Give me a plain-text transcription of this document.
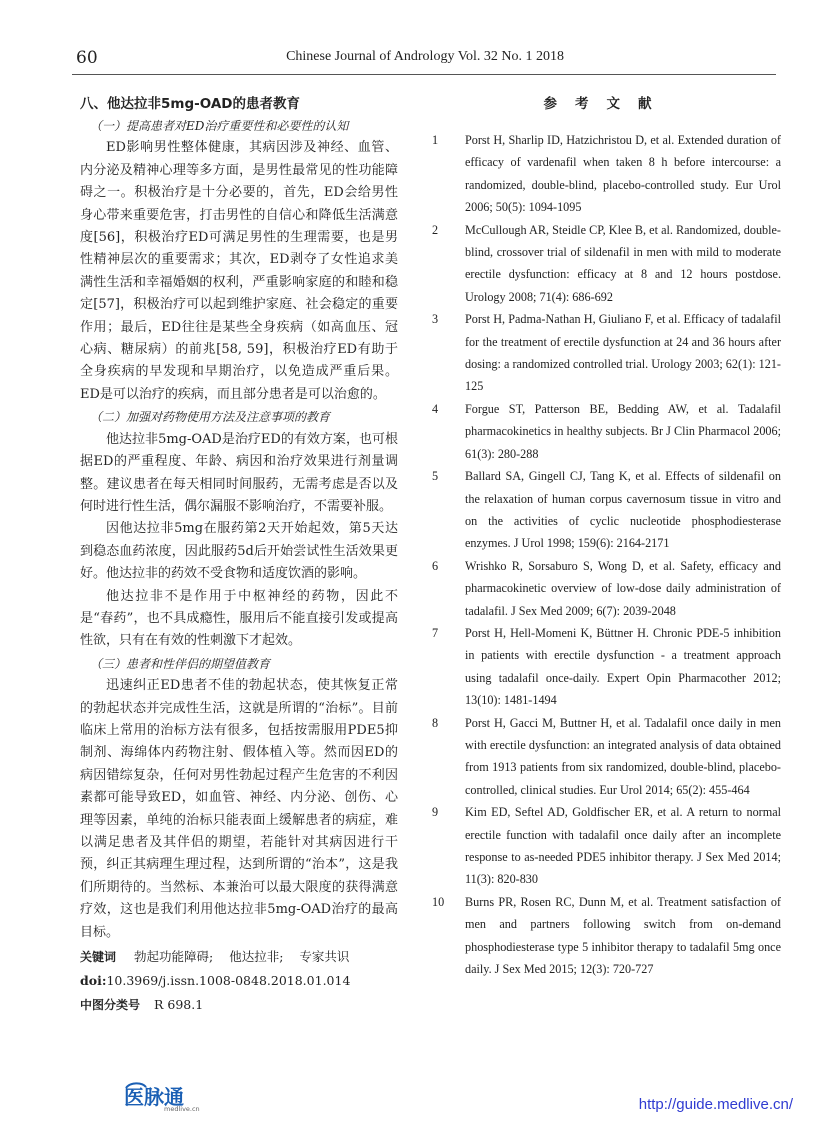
60	Chinese Journal of Andrology Vol. 32 No. 1 2018
八、他达拉非5mg-OAD的患者教育
（一）提高患者对ED治疗重要性和必要性的认知

ED影响男性整体健康，其病因涉及神经、血管、内分泌及精神心理等多方面，是男性最常见的性功能障碍之一。积极治疗是十分必要的，首先，ED会给男性身心带来重要危害，打击男性的自信心和降低生活满意度[56]，积极治疗ED可满足男性的生理需要，也是男性精神层次的重要需求；其次，ED剥夺了女性追求美满性生活和幸福婚姻的权利，严重影响家庭的和睦和稳定[57]，积极治疗可以起到维护家庭、社会稳定的重要作用；最后，ED往往是某些全身疾病（如高血压、冠心病、糖尿病）的前兆[58, 59]，积极治疗ED有助于全身疾病的早发现和早期治疗，以免造成严重后果。ED是可以治疗的疾病，而且部分患者是可以治愈的。

（二）加强对药物使用方法及注意事项的教育

他达拉非5mg-OAD是治疗ED的有效方案，也可根据ED的严重程度、年龄、病因和治疗效果进行剂量调整。建议患者在每天相同时间服药，无需考虑是否以及何时进行性生活，偶尔漏服不影响治疗，不需要补服。

因他达拉非5mg在服药第2天开始起效，第5天达到稳态血药浓度，因此服药5d后开始尝试性生活效果更好。他达拉非的药效不受食物和适度饮酒的影响。

他达拉非不是作用于中枢神经的药物，因此不是“春药”，也不具成瘾性，服用后不能直接引发或提高性欲，只有在有效的性刺激下才起效。

（三）患者和性伴侣的期望值教育

迅速纠正ED患者不佳的勃起状态，使其恢复正常的勃起状态并完成性生活，这就是所谓的“治标”。目前临床上常用的治标方法有很多，包括按需服用PDE5抑制剂、海绵体内药物注射、假体植入等。然而因ED的病因错综复杂，任何对男性勃起过程产生危害的不利因素都可能导致ED，如血管、神经、内分泌、创伤、心理等因素，单纯的治标只能表面上缓解患者的病症，难以满足患者及其伴侣的期望，若能针对其病因进行干预，纠正其病理生理过程，达到所谓的“治本”，这是我们所期待的。当然标、本兼治可以最大限度的获得满意疗效，这也是我们利用他达拉非5mg-OAD治疗的最高目标。

关键词 勃起功能障碍; 他达拉非; 专家共识
doi:10.3969/j.issn.1008-0848.2018.01.014
中图分类号 R 698.1
参考文献
1	Porst H, Sharlip ID, Hatzichristou D, et al. Extended duration of efficacy of vardenafil when taken 8 h before intercourse: a randomized, double-blind, placebo-controlled study. Eur Urol 2006; 50(5): 1094-1095
2	McCullough AR, Steidle CP, Klee B, et al. Randomized, double-blind, crossover trial of sildenafil in men with mild to moderate erectile dysfunction: efficacy at 8 and 12 hours postdose. Urology 2008; 71(4): 686-692
3	Porst H, Padma-Nathan H, Giuliano F, et al. Efficacy of tadalafil for the treatment of erectile dysfunction at 24 and 36 hours after dosing: a randomized controlled trial. Urology 2003; 62(1): 121-125
4	Forgue ST, Patterson BE, Bedding AW, et al. Tadalafil pharmacokinetics in healthy subjects. Br J Clin Pharmacol 2006; 61(3): 280-288
5	Ballard SA, Gingell CJ, Tang K, et al. Effects of sildenafil on the relaxation of human corpus cavernosum tissue in vitro and on the activities of cyclic nucleotide phosphodiesterase enzymes. J Urol 1998; 159(6): 2164-2171
6	Wrishko R, Sorsaburo S, Wong D, et al. Safety, efficacy and pharmacokinetic overview of low-dose daily administration of tadalafil. J Sex Med 2009; 6(7): 2039-2048
7	Porst H, Hell-Momeni K, Büttner H. Chronic PDE-5 inhibition in patients with erectile dysfunction - a treatment approach using tadalafil once-daily. Expert Opin Pharmacother 2012; 13(10): 1481-1494
8	Porst H, Gacci M, Buttner H, et al. Tadalafil once daily in men with erectile dysfunction: an integrated analysis of data obtained from 1913 patients from six randomized, double-blind, placebo-controlled, clinical studies. Eur Urol 2014; 65(2): 455-464
9	Kim ED, Seftel AD, Goldfischer ER, et al. A return to normal erectile function with tadalafil once daily after an incomplete response to as-needed PDE5 inhibitor therapy. J Sex Med 2014; 11(3): 820-830
10	Burns PR, Rosen RC, Dunn M, et al. Treatment satisfaction of men and partners following switch from on-demand phosphodiesterase type 5 inhibitor therapy to tadalafil 5mg once daily. J Sex Med 2015; 12(3): 720-727
医脉通
medlive.cn	http://guide.medlive.cn/
